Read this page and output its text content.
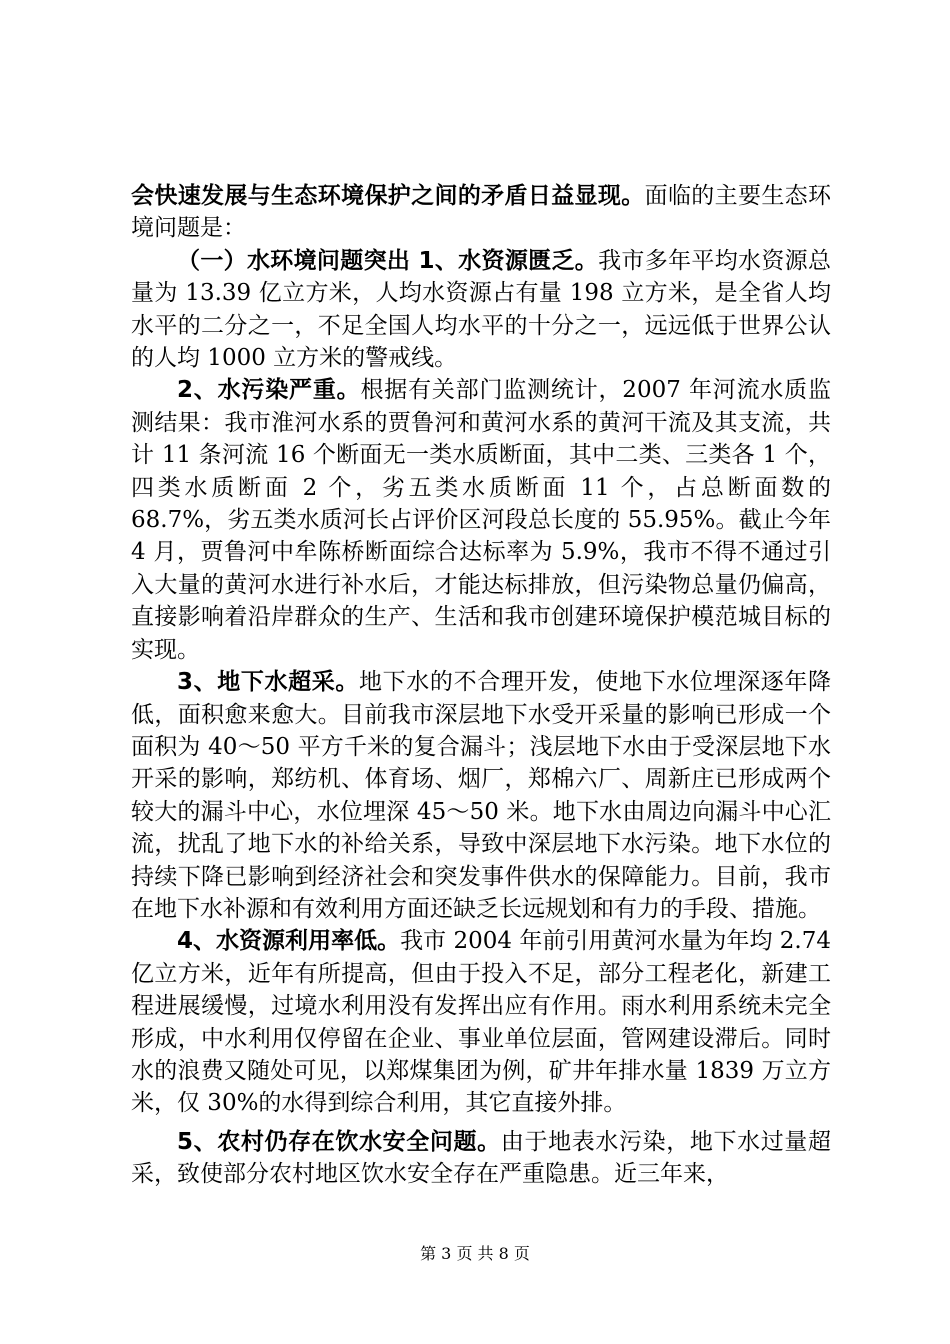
会快速发展与生态环境保护之间的矛盾日益显现。面临的主要生态环境问题是：

（一）水环境问题突出 1、水资源匮乏。我市多年平均水资源总量为 13.39 亿立方米，人均水资源占有量 198 立方米，是全省人均水平的二分之一，不足全国人均水平的十分之一，远远低于世界公认的人均 1000 立方米的警戒线。

2、水污染严重。根据有关部门监测统计，2007 年河流水质监测结果：我市淮河水系的贾鲁河和黄河水系的黄河干流及其支流，共计 11 条河流 16 个断面无一类水质断面，其中二类、三类各 1 个，四类水质断面 2 个，劣五类水质断面 11 个，占总断面数的 68.7%，劣五类水质河长占评价区河段总长度的 55.95%。截止今年 4 月，贾鲁河中牟陈桥断面综合达标率为 5.9%，我市不得不通过引入大量的黄河水进行补水后，才能达标排放，但污染物总量仍偏高，直接影响着沿岸群众的生产、生活和我市创建环境保护模范城目标的实现。

3、地下水超采。地下水的不合理开发，使地下水位埋深逐年降低，面积愈来愈大。目前我市深层地下水受开采量的影响已形成一个面积为 40～50 平方千米的复合漏斗；浅层地下水由于受深层地下水开采的影响，郑纺机、体育场、烟厂，郑棉六厂、周新庄已形成两个较大的漏斗中心，水位埋深 45～50 米。地下水由周边向漏斗中心汇流，扰乱了地下水的补给关系，导致中深层地下水污染。地下水位的持续下降已影响到经济社会和突发事件供水的保障能力。目前，我市在地下水补源和有效利用方面还缺乏长远规划和有力的手段、措施。

4、水资源利用率低。我市 2004 年前引用黄河水量为年均 2.74 亿立方米，近年有所提高，但由于投入不足，部分工程老化，新建工程进展缓慢，过境水利用没有发挥出应有作用。雨水利用系统未完全形成，中水利用仅停留在企业、事业单位层面，管网建设滞后。同时水的浪费又随处可见，以郑煤集团为例，矿井年排水量 1839 万立方米，仅 30%的水得到综合利用，其它直接外排。

5、农村仍存在饮水安全问题。由于地表水污染，地下水过量超采，致使部分农村地区饮水安全存在严重隐患。近三年来，

第 3 页 共 8 页
